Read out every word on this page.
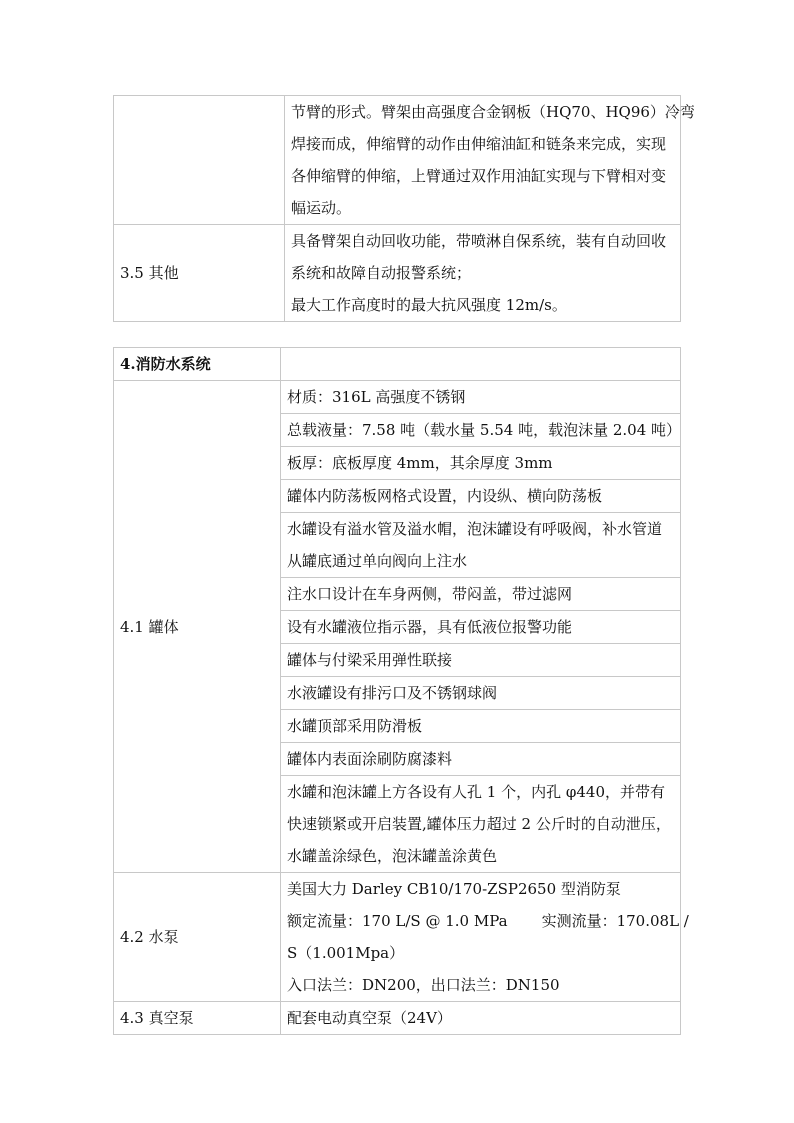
	节臂的形式。臂架由高强度合金钢板（HQ70、HQ96）冷弯
焊接而成，伸缩臂的动作由伸缩油缸和链条来完成，实现
各伸缩臂的伸缩，上臂通过双作用油缸实现与下臂相对变
幅运动。

3.5 其他	具备臂架自动回收功能，带喷淋自保系统，装有自动回收
系统和故障自动报警系统；
最大工作高度时的最大抗风强度 12m/s。
4.消防水系统	
4.1 罐体	材质：316L 高强度不锈钢

	总载液量：7.58 吨（载水量 5.54 吨，载泡沫量 2.04 吨）

	板厚：底板厚度 4mm，其余厚度 3mm

	罐体内防荡板网格式设置，内设纵、横向防荡板

	水罐设有溢水管及溢水帽，泡沫罐设有呼吸阀，补水管道
从罐底通过单向阀向上注水

	注水口设计在车身两侧，带闷盖，带过滤网

	设有水罐液位指示器，具有低液位报警功能

	罐体与付梁采用弹性联接

	水液罐设有排污口及不锈钢球阀

	水罐顶部采用防滑板

	罐体内表面涂刷防腐漆料

	水罐和泡沫罐上方各设有人孔 1 个，内孔 φ440，并带有
快速锁紧或开启装置,罐体压力超过 2 公斤时的自动泄压，
水罐盖涂绿色，泡沫罐盖涂黄色

4.2 水泵	美国大力 Darley CB10/170-ZSP2650 型消防泵
额定流量：170 L/S @ 1.0 MPa 实测流量：170.08L /
S（1.001Mpa）
入口法兰：DN200，出口法兰：DN150

4.3 真空泵	配套电动真空泵（24V）
